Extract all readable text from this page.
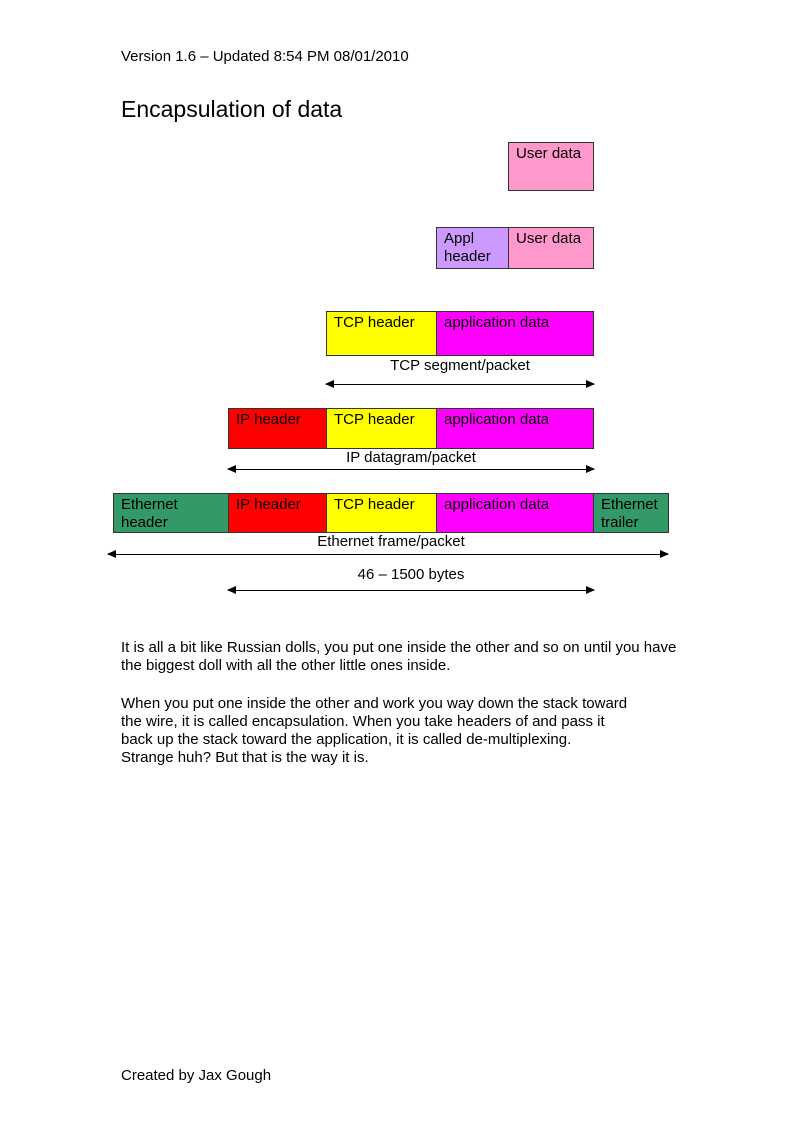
Version 1.6 – Updated 8:54 PM 08/01/2010
Encapsulation of data
User data
Appl header
User data
TCP header	application data
TCP segment/packet
IP header	TCP header	application data
IP datagram/packet
Ethernet header
IP header	TCP header	application data	Ethernet trailer
Ethernet frame/packet
46 – 1500 bytes
It is all a bit like Russian dolls, you put one inside the other and so on until you have the biggest doll with all the other little ones inside.
When you put one inside the other and work you way down the stack toward
the wire, it is called encapsulation. When you take headers of and pass it
back up the stack toward the application, it is called de-multiplexing.
Strange huh? But that is the way it is.
Created by Jax Gough
